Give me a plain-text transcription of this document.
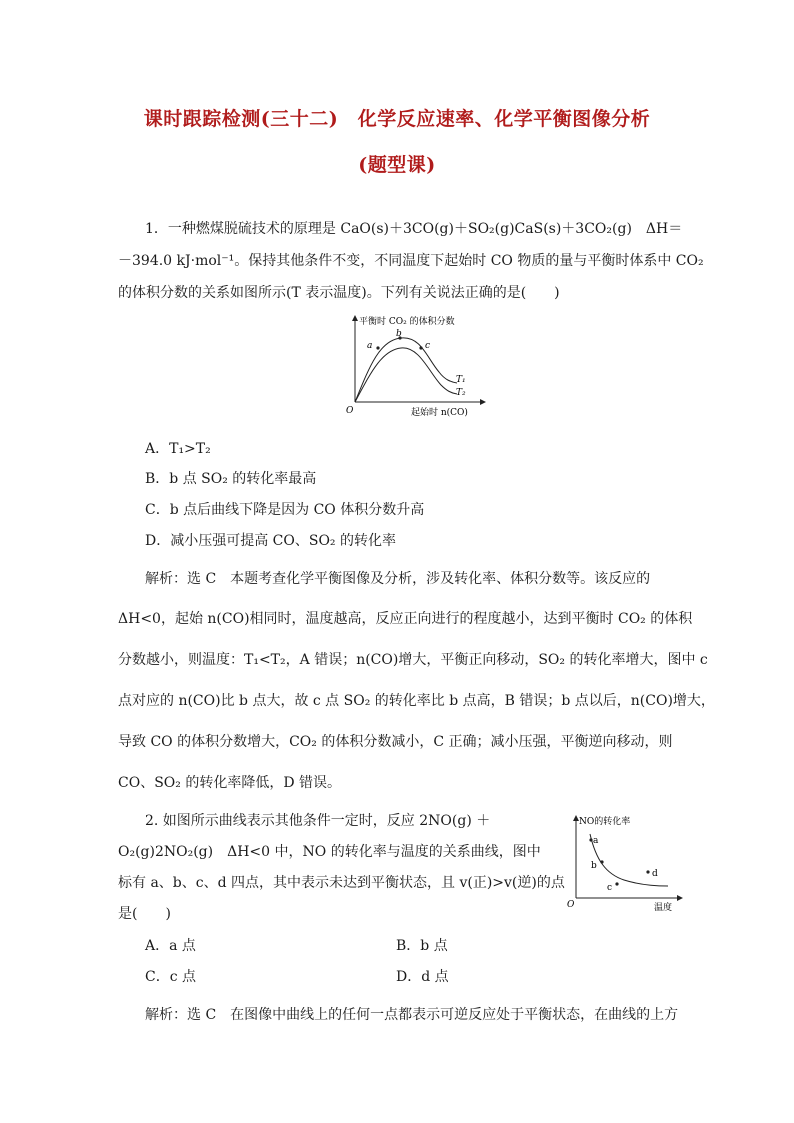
课时跟踪检测(三十二)　化学反应速率、化学平衡图像分析
(题型课)
1．一种燃煤脱硫技术的原理是 CaO(s)＋3CO(g)＋SO₂(g)CaS(s)＋3CO₂(g)　ΔH＝
－394.0 kJ·mol⁻¹。保持其他条件不变，不同温度下起始时 CO 物质的量与平衡时体系中 CO₂
的体积分数的关系如图所示(T 表示温度)。下列有关说法正确的是(　　)
a
b
c
T₁
T₂
平衡时 CO₂ 的体积分数
起始时 n(CO)
O
A．T₁>T₂
B．b 点 SO₂ 的转化率最高
C．b 点后曲线下降是因为 CO 体积分数升高
D．减小压强可提高 CO、SO₂ 的转化率
解析：选 C　本题考查化学平衡图像及分析，涉及转化率、体积分数等。该反应的
ΔH<0，起始 n(CO)相同时，温度越高，反应正向进行的程度越小，达到平衡时 CO₂ 的体积
分数越小，则温度：T₁<T₂，A 错误；n(CO)增大，平衡正向移动，SO₂ 的转化率增大，图中 c
点对应的 n(CO)比 b 点大，故 c 点 SO₂ 的转化率比 b 点高，B 错误；b 点以后，n(CO)增大，
导致 CO 的体积分数增大，CO₂ 的体积分数减小，C 正确；减小压强，平衡逆向移动，则
CO、SO₂ 的转化率降低，D 错误。
2. 如图所示曲线表示其他条件一定时，反应 2NO(g) ＋
O₂(g)2NO₂(g)　ΔH<0 中，NO 的转化率与温度的关系曲线，图中
标有 a、b、c、d 四点，其中表示未达到平衡状态，且 v(正)>v(逆)的点
是(　　)
a
b
c
d
NO的转化率
温度
O
A．a 点	B．b 点
C．c 点	D．d 点
解析：选 C　在图像中曲线上的任何一点都表示可逆反应处于平衡状态，在曲线的上方
